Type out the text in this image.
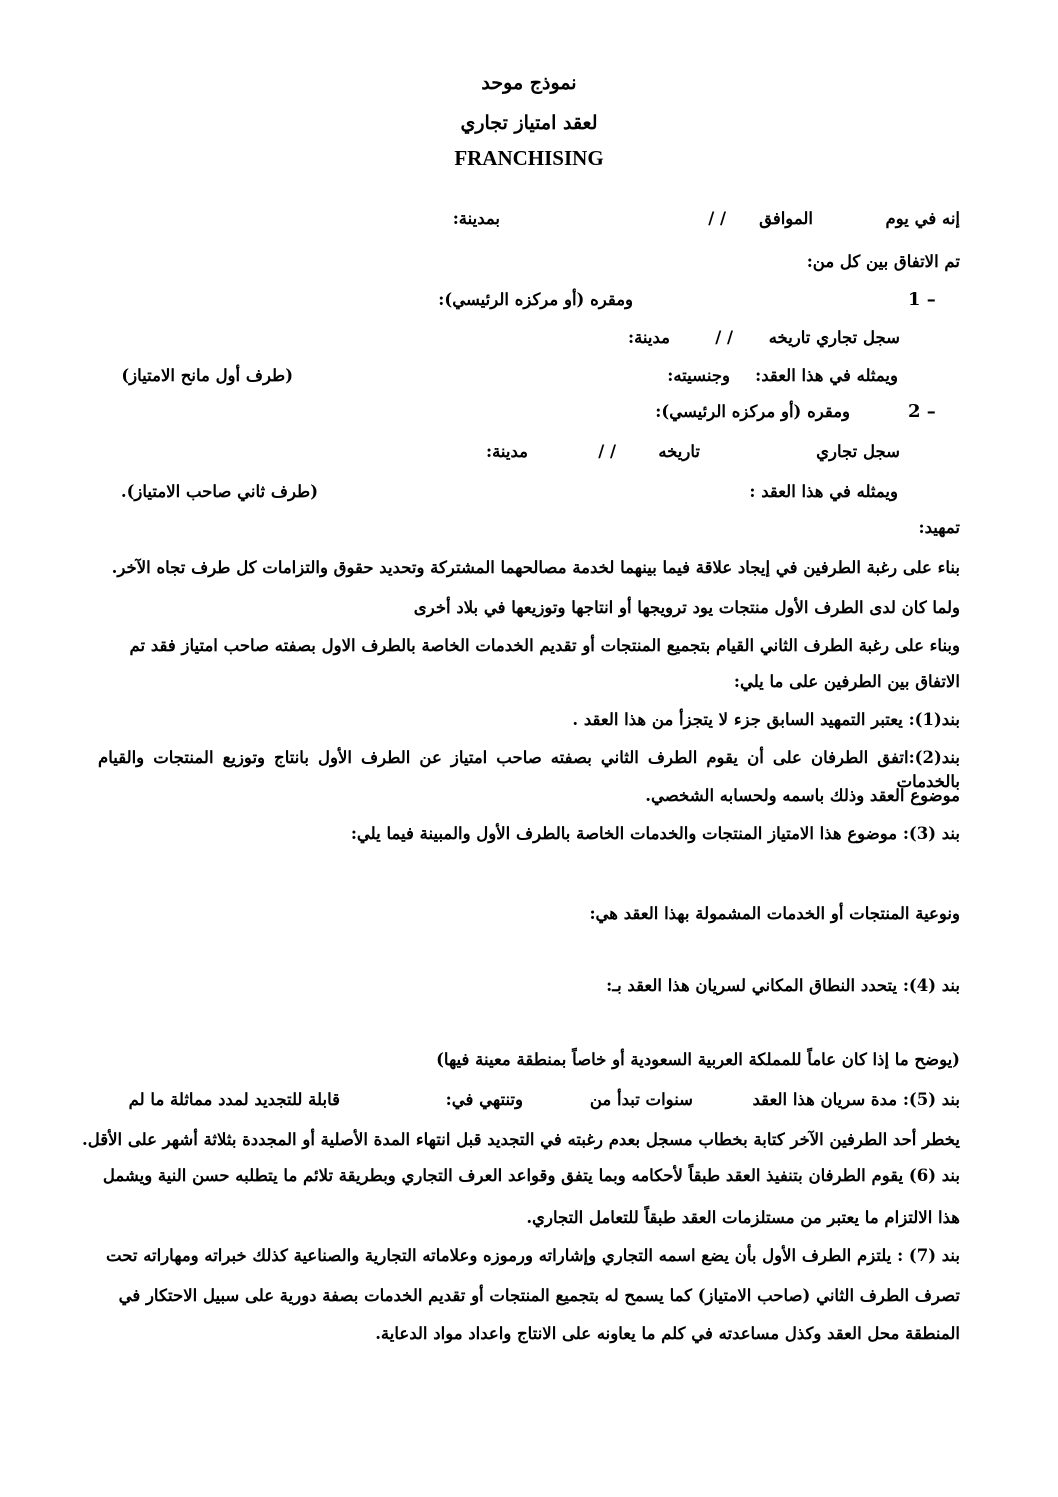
نموذج موحد
لعقد امتياز تجاري
FRANCHISING
إنه في يوم
الموافق
/ /
بمدينة:
تم الاتفاق بين كل من:
1 –
ومقره (أو مركزه الرئيسي):
سجل تجاري تاريخه
/ /
مدينة:
ويمثله في هذا العقد:
وجنسيته:
(طرف أول مانح الامتياز)
2 –
ومقره (أو مركزه الرئيسي):
سجل تجاري
تاريخه
/ /
مدينة:
ويمثله في هذا العقد :
(طرف ثاني صاحب الامتياز).
تمهيد:
بناء على رغبة الطرفين في إيجاد علاقة فيما بينهما لخدمة مصالحهما المشتركة وتحديد حقوق والتزامات كل طرف تجاه الآخر.
ولما كان لدى الطرف الأول منتجات يود ترويجها أو انتاجها وتوزيعها في بلاد أخرى
وبناء على رغبة الطرف الثاني القيام بتجميع المنتجات أو تقديم الخدمات الخاصة بالطرف الاول بصفته صاحب امتياز فقد تم
الاتفاق بين الطرفين على ما يلي:
بند(1): يعتبر التمهيد السابق جزء لا يتجزأ من هذا العقد .
بند(2):اتفق الطرفان على أن يقوم الطرف الثاني بصفته صاحب امتياز عن الطرف الأول بانتاج وتوزيع المنتجات والقيام بالخدمات
موضوع العقد وذلك باسمه ولحسابه الشخصي.
بند (3): موضوع هذا الامتياز المنتجات والخدمات الخاصة بالطرف الأول والمبينة فيما يلي:
ونوعية المنتجات أو الخدمات المشمولة بهذا العقد هي:
بند (4): يتحدد النطاق المكاني لسريان هذا العقد بـ:
(يوضح ما إذا كان عاماً للمملكة العربية السعودية أو خاصاً بمنطقة معينة فيها)
بند (5): مدة سريان هذا العقد
سنوات تبدأ من
وتنتهي في:
قابلة للتجديد لمدد مماثلة ما لم
يخطر أحد الطرفين الآخر كتابة بخطاب مسجل بعدم رغبته في التجديد قبل انتهاء المدة الأصلية أو المجددة بثلاثة أشهر على الأقل.
بند (6) يقوم الطرفان بتنفيذ العقد طبقاً لأحكامه وبما يتفق وقواعد العرف التجاري وبطريقة تلائم ما يتطلبه حسن النية ويشمل
هذا الالتزام ما يعتبر من مستلزمات العقد طبقاً للتعامل التجاري.
بند (7) : يلتزم الطرف الأول بأن يضع اسمه التجاري وإشاراته ورموزه وعلاماته التجارية والصناعية كذلك خبراته ومهاراته تحت
تصرف الطرف الثاني (صاحب الامتياز) كما يسمح له بتجميع المنتجات أو تقديم الخدمات بصفة دورية على سبيل الاحتكار في
المنطقة محل العقد وكذل مساعدته في كلم ما يعاونه على الانتاج واعداد مواد الدعاية.
